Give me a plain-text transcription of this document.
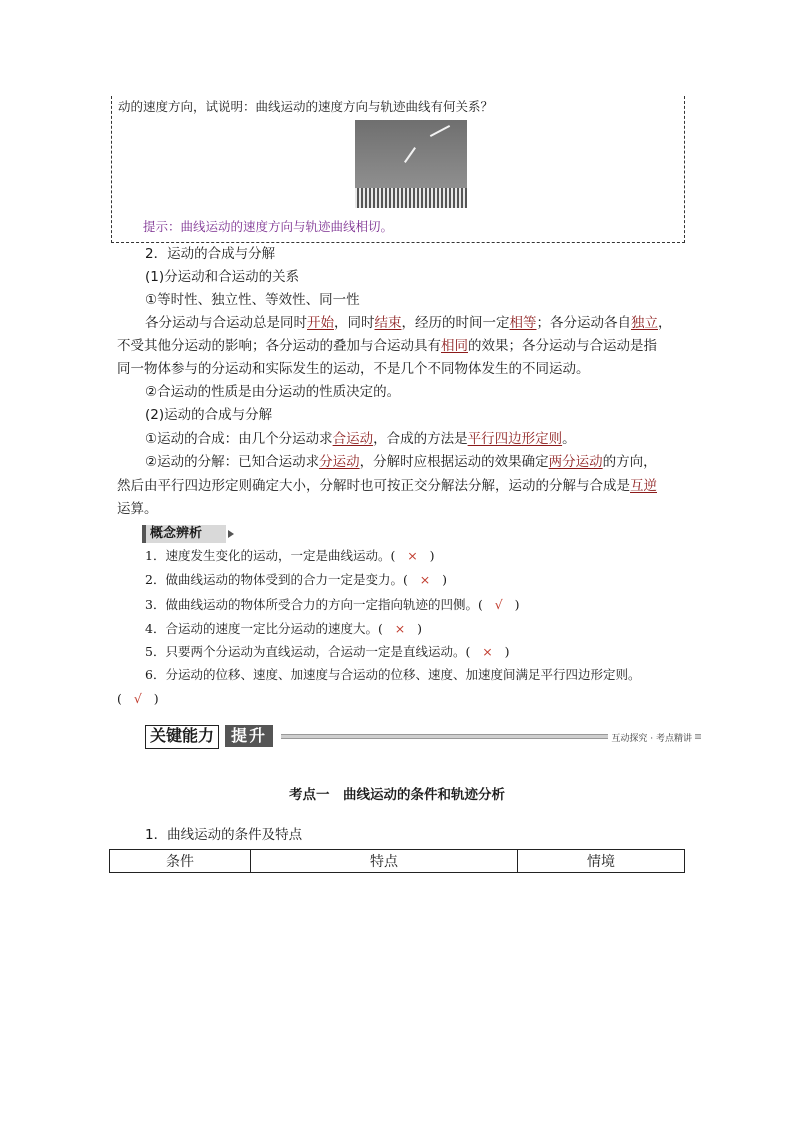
动的速度方向，试说明：曲线运动的速度方向与轨迹曲线有何关系？
提示：曲线运动的速度方向与轨迹曲线相切。
2．运动的合成与分解
(1)分运动和合运动的关系
①等时性、独立性、等效性、同一性
各分运动与合运动总是同时开始，同时结束，经历的时间一定相等；各分运动各自独立，
不受其他分运动的影响；各分运动的叠加与合运动具有相同的效果；各分运动与合运动是指
同一物体参与的分运动和实际发生的运动，不是几个不同物体发生的不同运动。
②合运动的性质是由分运动的性质决定的。
(2)运动的合成与分解
①运动的合成：由几个分运动求合运动，合成的方法是平行四边形定则。
②运动的分解：已知合运动求分运动，分解时应根据运动的效果确定两分运动的方向，
然后由平行四边形定则确定大小，分解时也可按正交分解法分解，运动的分解与合成是互逆
运算。
概念辨析
1．速度发生变化的运动，一定是曲线运动。( × )
2．做曲线运动的物体受到的合力一定是变力。( × )
3．做曲线运动的物体所受合力的方向一定指向轨迹的凹侧。( √ )
4．合运动的速度一定比分运动的速度大。( × )
5．只要两个分运动为直线运动，合运动一定是直线运动。( × )
6．分运动的位移、速度、加速度与合运动的位移、速度、加速度间满足平行四边形定则。
( √ )
关键能力	提升	互动探究 · 考点精讲
考点一　曲线运动的条件和轨迹分析
1．曲线运动的条件及特点
条件	特点	情境
